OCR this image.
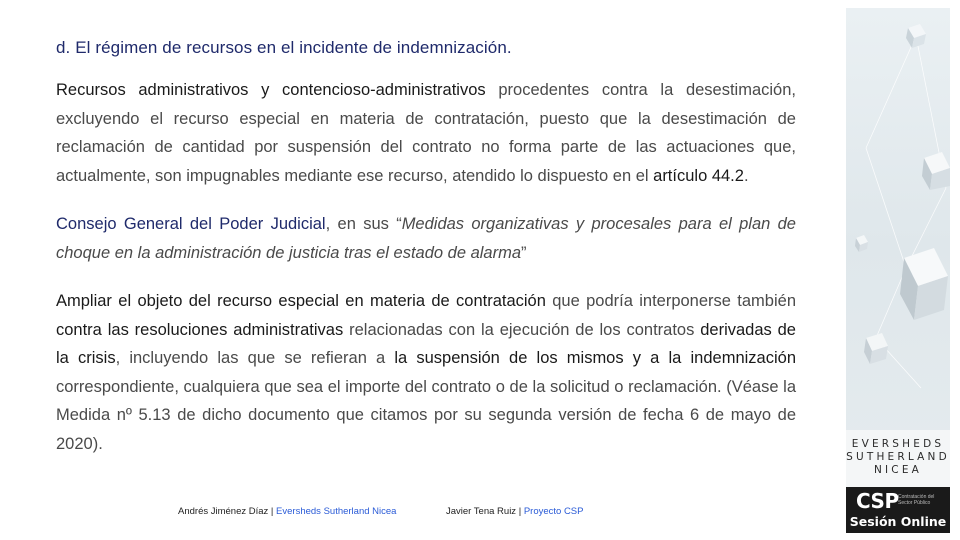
d. El régimen de recursos en el incidente de indemnización.

Recursos administrativos y contencioso-administrativos procedentes contra la desestimación, excluyendo el recurso especial en materia de contratación, puesto que la desestimación de reclamación de cantidad por suspensión del contrato no forma parte de las actuaciones que, actualmente, son impugnables mediante ese recurso, atendido lo dispuesto en el artículo 44.2.

Consejo General del Poder Judicial, en sus “Medidas organizativas y procesales para el plan de choque en la administración de justicia tras el estado de alarma”

Ampliar el objeto del recurso especial en materia de contratación que podría interponerse también contra las resoluciones administrativas relacionadas con la ejecución de los contratos derivadas de la crisis, incluyendo las que se refieran a la suspensión de los mismos y a la indemnización correspondiente, cualquiera que sea el importe del contrato o de la solicitud o reclamación. (Véase la Medida nº 5.13 de dicho documento que citamos por su segunda versión de fecha 6 de mayo de 2020).

Andrés Jiménez Díaz | Eversheds Sutherland Nicea	Javier Tena Ruiz | Proyecto CSP
EVERSHEDS
SUTHERLAND
NICEA
CSP Contratación del Sector Público
Sesión Online
